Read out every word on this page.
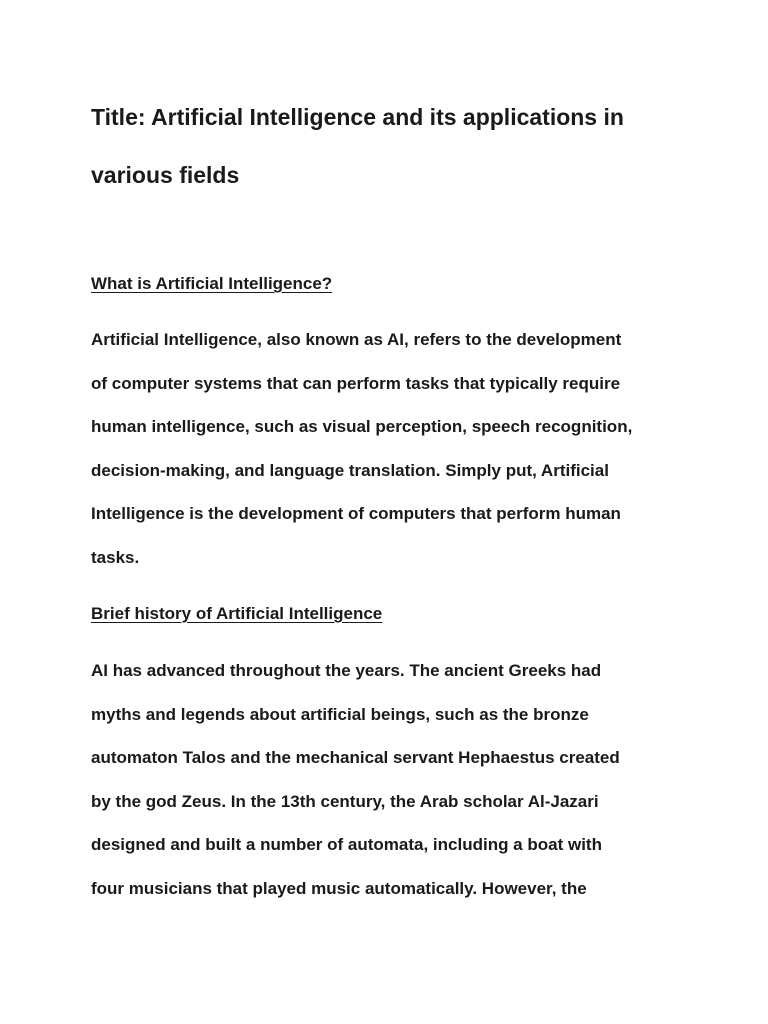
Title: Artificial Intelligence and its applications in
various fields
What is Artificial Intelligence?

Artificial Intelligence, also known as AI, refers to the development
of computer systems that can perform tasks that typically require
human intelligence, such as visual perception, speech recognition,
decision-making, and language translation. Simply put, Artificial
Intelligence is the development of computers that perform human
tasks.

Brief history of Artificial Intelligence

AI has advanced throughout the years. The ancient Greeks had
myths and legends about artificial beings, such as the bronze
automaton Talos and the mechanical servant Hephaestus created
by the god Zeus. In the 13th century, the Arab scholar Al-Jazari
designed and built a number of automata, including a boat with
four musicians that played music automatically. However, the
